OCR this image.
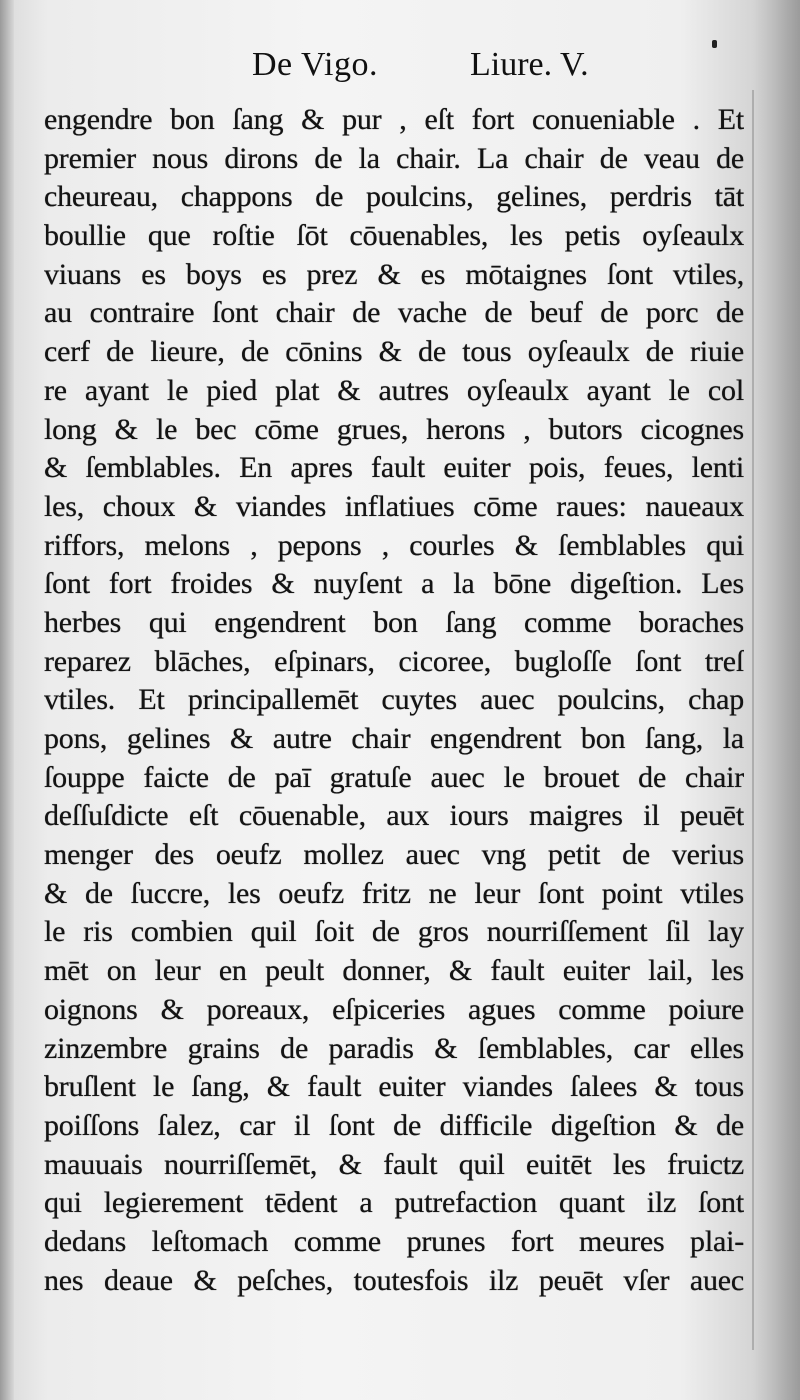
De Vigo.	Liure. V.
engendre bon ſang & pur , eſt fort conueniable . Et
premier nous dirons de la chair. La chair de veau de
cheureau, chappons de poulcins, gelines, perdris tāt
boullie que roſtie ſōt cōuenables, les petis oyſeaulx
viuans es boys es prez & es mōtaignes ſont vtiles,
au contraire ſont chair de vache de beuf de porc de
cerf de lieure, de cōnins & de tous oyſeaulx de riuie
re ayant le pied plat & autres oyſeaulx ayant le col
long & le bec cōme grues, herons , butors cicognes
& ſemblables. En apres fault euiter pois, feues, lenti
les, choux & viandes inflatiues cōme raues: naueaux
riffors, melons , pepons , courles & ſemblables qui
ſont fort froides & nuyſent a la bōne digeſtion. Les
herbes qui engendrent bon ſang comme boraches
reparez blāches, eſpinars, cicoree, bugloſſe ſont treſ
vtiles. Et principallemēt cuytes auec poulcins, chap
pons, gelines & autre chair engendrent bon ſang, la
ſouppe faicte de paī gratuſe auec le brouet de chair
deſſuſdicte eſt cōuenable, aux iours maigres il peuēt
menger des oeufz mollez auec vng petit de verius
& de ſuccre, les oeufz fritz ne leur ſont point vtiles
le ris combien quil ſoit de gros nourriſſement ſil lay
mēt on leur en peult donner, & fault euiter lail, les
oignons & poreaux, eſpiceries agues comme poiure
zinzembre grains de paradis & ſemblables, car elles
bruſlent le ſang, & fault euiter viandes ſalees & tous
poiſſons ſalez, car il ſont de difficile digeſtion & de
mauuais nourriſſemēt, & fault quil euitēt les fruictz
qui legierement tēdent a putrefaction quant ilz ſont
dedans leſtomach comme prunes fort meures plai-
nes deaue & peſches, toutesfois ilz peuēt vſer auec
